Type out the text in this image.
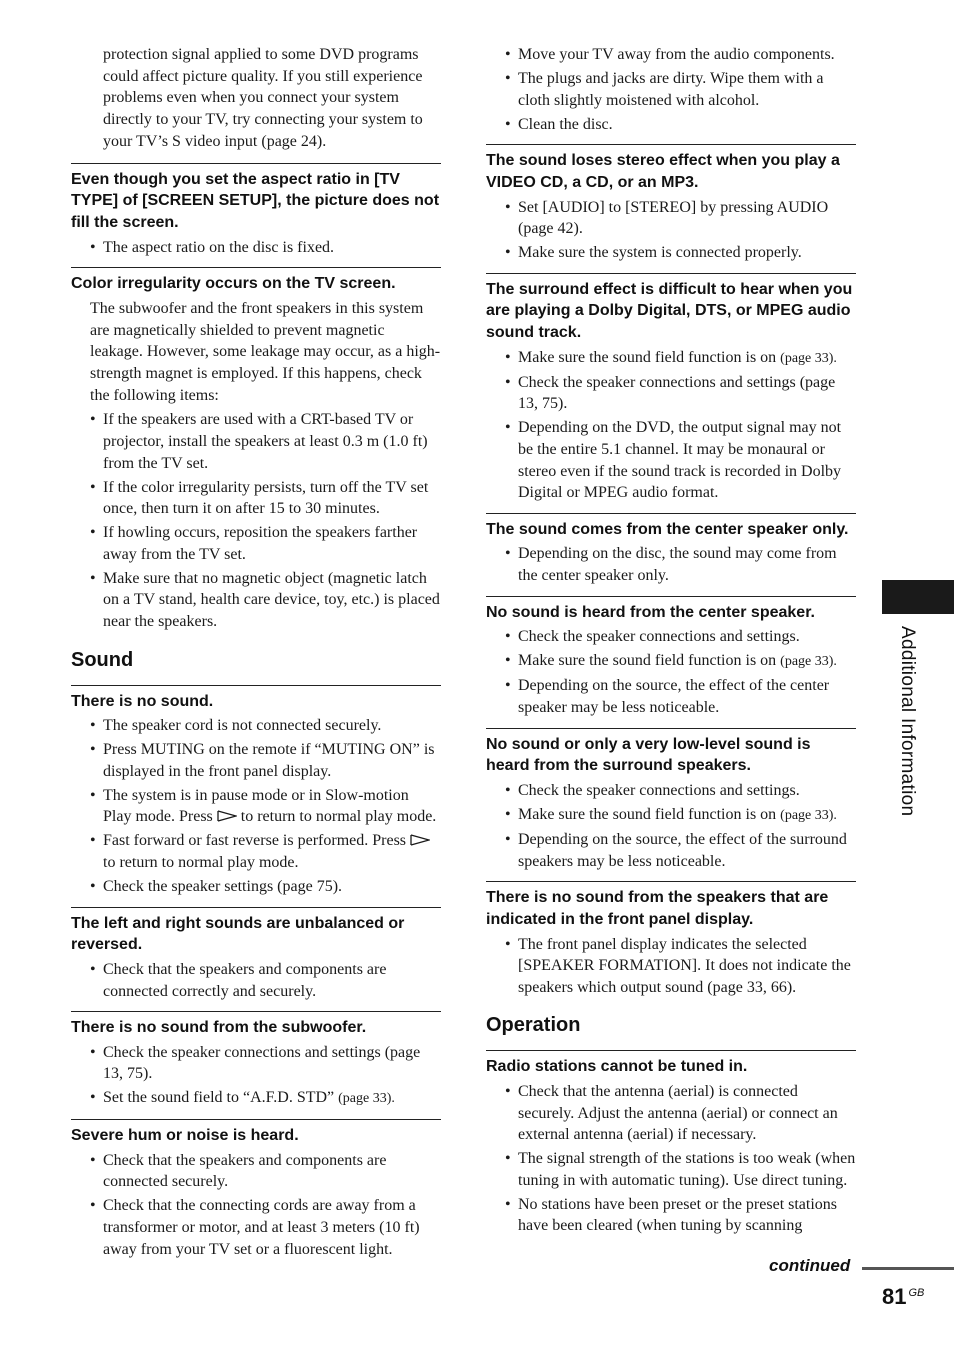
protection signal applied to some DVD programs could affect picture quality. If you still experience problems even when you connect your system directly to your TV, try connecting your system to your TV’s S video input (page 24).

Even though you set the aspect ratio in [TV TYPE] of [SCREEN SETUP], the picture does not fill the screen.
• The aspect ratio on the disc is fixed.
Color irregularity occurs on the TV screen.

The subwoofer and the front speakers in this system are magnetically shielded to prevent magnetic leakage. However, some leakage may occur, as a high-strength magnet is employed. If this happens, check the following items:

• If the speakers are used with a CRT-based TV or projector, install the speakers at least 0.3 m (1.0 ft) from the TV set.
• If the color irregularity persists, turn off the TV set once, then turn it on after 15 to 30 minutes.
• If howling occurs, reposition the speakers farther away from the TV set.
• Make sure that no magnetic object (magnetic latch on a TV stand, health care device, toy, etc.) is placed near the speakers.
Sound
There is no sound.
• The speaker cord is not connected securely.
• Press MUTING on the remote if “MUTING ON” is displayed in the front panel display.
• The system is in pause mode or in Slow-motion Play mode. Press to return to normal play mode.
• Fast forward or fast reverse is performed. Press  to return to normal play mode.
• Check the speaker settings (page 75).
The left and right sounds are unbalanced or reversed.
• Check that the speakers and components are connected correctly and securely.
There is no sound from the subwoofer.
• Check the speaker connections and settings (page 13, 75).
• Set the sound field to “A.F.D. STD” (page 33).
Severe hum or noise is heard.
• Check that the speakers and components are connected securely.
• Check that the connecting cords are away from a transformer or motor, and at least 3 meters (10 ft) away from your TV set or a fluorescent light.
• Move your TV away from the audio components.
• The plugs and jacks are dirty. Wipe them with a cloth slightly moistened with alcohol.
• Clean the disc.
The sound loses stereo effect when you play a VIDEO CD, a CD, or an MP3.
• Set [AUDIO] to [STEREO] by pressing AUDIO (page 42).
• Make sure the system is connected properly.
The surround effect is difficult to hear when you are playing a Dolby Digital, DTS, or MPEG audio sound track.
• Make sure the sound field function is on (page 33).
• Check the speaker connections and settings (page 13, 75).
• Depending on the DVD, the output signal may not be the entire 5.1 channel. It may be monaural or stereo even if the sound track is recorded in Dolby Digital or MPEG audio format.
The sound comes from the center speaker only.
• Depending on the disc, the sound may come from the center speaker only.
No sound is heard from the center speaker.
• Check the speaker connections and settings.
• Make sure the sound field function is on (page 33).
• Depending on the source, the effect of the center speaker may be less noticeable.
No sound or only a very low-level sound is heard from the surround speakers.
• Check the speaker connections and settings.
• Make sure the sound field function is on (page 33).
• Depending on the source, the effect of the surround speakers may be less noticeable.
There is no sound from the speakers that are indicated in the front panel display.
• The front panel display indicates the selected [SPEAKER FORMATION]. It does not indicate the speakers which output sound (page 33, 66).
Operation
Radio stations cannot be tuned in.
• Check that the antenna (aerial) is connected securely. Adjust the antenna (aerial) or connect an external antenna (aerial) if necessary.
• The signal strength of the stations is too weak (when tuning in with automatic tuning). Use direct tuning.
• No stations have been preset or the preset stations have been cleared (when tuning by scanning
Additional Information
continued
81 $^{GB}$
